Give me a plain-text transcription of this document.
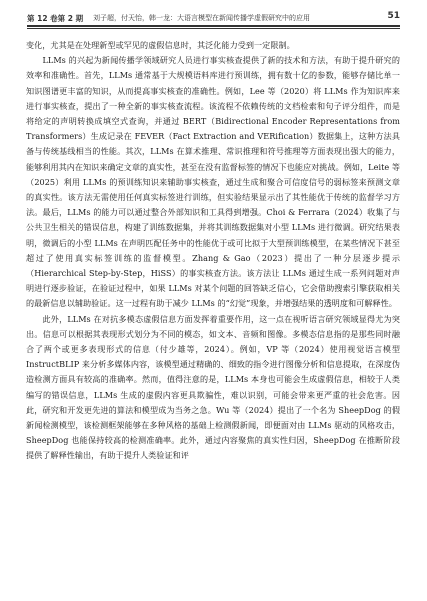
第 12 卷第 2 期 刘子超，付天怡，韩一龙：大语言模型在新闻传播学虚假研究中的应用	51

变化，尤其是在处理新型或罕见的虚假信息时，其泛化能力受到一定限制。

LLMs 的兴起为新闻传播学领域研究人员进行事实核查提供了新的技术和方法，有助于提升研究的效率和准确性。首先，LLMs 通常基于大规模语料库进行预训练，拥有数十亿的参数，能够存储比单一知识图谱更丰富的知识，从而提高事实核查的准确性。例如，Lee 等（2020）将 LLMs 作为知识库来进行事实核查，提出了一种全新的事实核查流程。该流程不依赖传统的文档检索和句子评分组件，而是将给定的声明转换成填空式查询，并通过 BERT（Bidirectional Encoder Representations from Transformers）生成记录在 FEVER（Fact Extraction and VERification）数据集上，这种方法具备与传统基线相当的性能。其次，LLMs 在算术推理、常识推理和符号推理等方面表现出强大的能力，能够利用其内在知识来确定文章的真实性，甚至在没有监督标签的情况下也能应对挑战。例如，Leite 等（2025）利用 LLMs 的预训练知识来辅助事实核查，通过生成和聚合可信度信号的弱标签来预测文章的真实性。该方法无需使用任何真实标签进行训练，但实验结果显示出了其性能优于传统的监督学习方法。最后，LLMs 的能力可以通过整合外部知识和工具得到增强。Choi & Ferrara（2024）收集了与公共卫生相关的错误信息，构建了训练数据集，并将其训练数据集对小型 LLMs 进行微调。研究结果表明，微调后的小型 LLMs 在声明匹配任务中的性能优于或可比拟于大型预训练模型，在某些情况下甚至超过了使用真实标签训练的监督模型。Zhang & Gao（2023）提出了一种分层逐步提示（Hierarchical Step-by-Step，HiSS）的事实核查方法。该方法让 LLMs 通过生成一系列问题对声明进行逐步验证，在验证过程中，如果 LLMs 对某个问题的回答缺乏信心，它会借助搜索引擎获取相关的最新信息以辅助验证。这一过程有助于减少 LLMs 的“幻觉”现象，并增强结果的透明度和可解释性。

此外，LLMs 在对抗多模态虚假信息方面发挥着重要作用，这一点在视听语言研究领域显得尤为突出。信息可以根据其表现形式划分为不同的模态，如文本、音频和图像。多模态信息指的是那些同时融合了两个或更多表现形式的信息（付少雄等，2024）。例如，VP 等（2024）使用视觉语言模型 InstructBLIP 来分析多媒体内容，该模型通过精确的、细致的指令进行图像分析和信息提取，在深度伪造检测方面具有较高的准确率。然而，值得注意的是，LLMs 本身也可能会生成虚假信息，相较于人类编写的错误信息，LLMs 生成的虚假内容更具欺骗性，难以识别，可能会带来更严重的社会危害。因此，研究和开发更先进的算法和模型成为当务之急。Wu 等（2024）提出了一个名为 SheepDog 的假新闻检测模型，该检测框架能够在多种风格的基础上检测假新闻，即便面对由 LLMs 驱动的风格攻击，SheepDog 也能保持较高的检测准确率。此外，通过内容聚焦的真实性归因，SheepDog 在推断阶段提供了解释性输出，有助于提升人类验证和评
